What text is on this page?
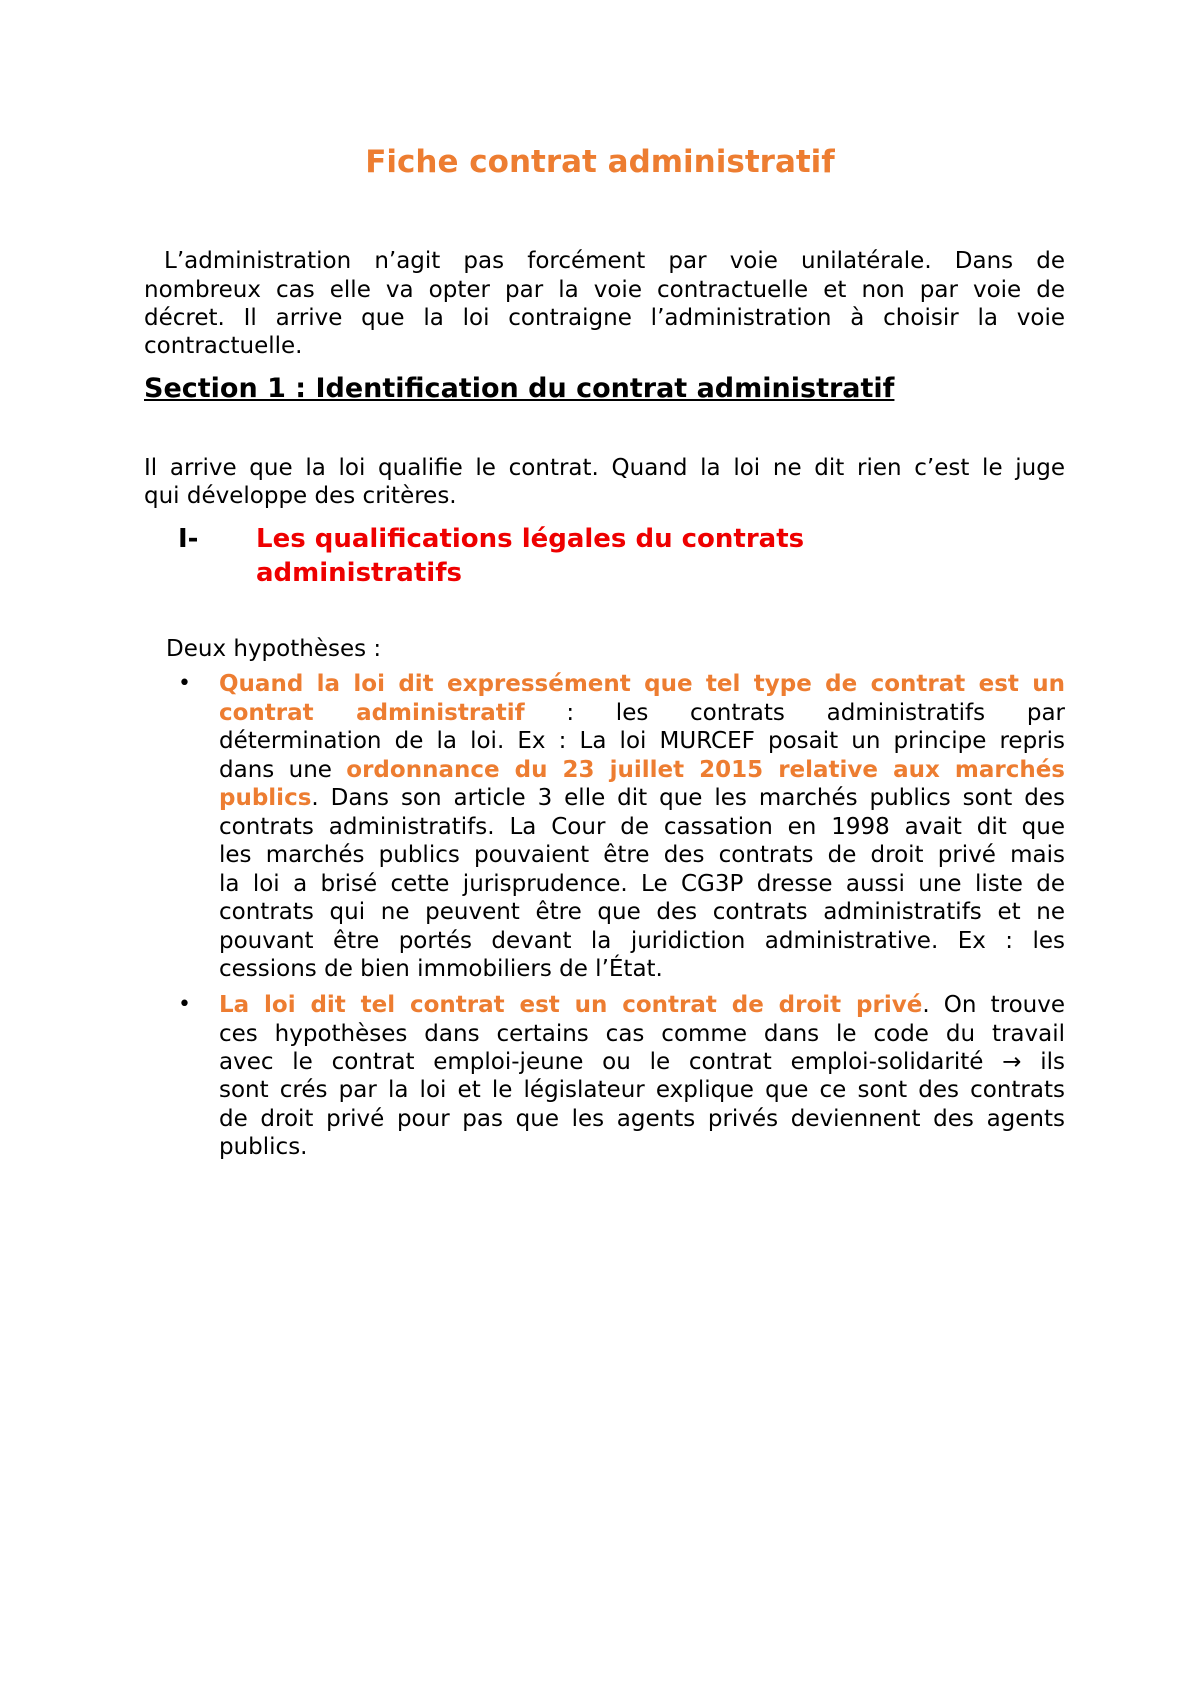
Fiche contrat administratif
L’administration n’agit pas forcément par voie unilatérale. Dans de
nombreux cas elle va opter par la voie contractuelle et non par voie de
décret. Il arrive que la loi contraigne l’administration à choisir la voie
contractuelle.
Section 1 : Identification du contrat administratif
Il arrive que la loi qualifie le contrat. Quand la loi ne dit rien c’est le juge
qui développe des critères.
I- Les qualifications légales du contrats
administratifs
Deux hypothèses :
• Quand la loi dit expressément que tel type de contrat est un
contrat administratif : les contrats administratifs par
détermination de la loi. Ex : La loi MURCEF posait un principe repris
dans une ordonnance du 23 juillet 2015 relative aux marchés
publics. Dans son article 3 elle dit que les marchés publics sont des
contrats administratifs. La Cour de cassation en 1998 avait dit que
les marchés publics pouvaient être des contrats de droit privé mais
la loi a brisé cette jurisprudence. Le CG3P dresse aussi une liste de
contrats qui ne peuvent être que des contrats administratifs et ne
pouvant être portés devant la juridiction administrative. Ex : les
cessions de bien immobiliers de l’État.
• La loi dit tel contrat est un contrat de droit privé. On trouve
ces hypothèses dans certains cas comme dans le code du travail
avec le contrat emploi-jeune ou le contrat emploi-solidarité → ils
sont crés par la loi et le législateur explique que ce sont des contrats
de droit privé pour pas que les agents privés deviennent des agents
publics.
